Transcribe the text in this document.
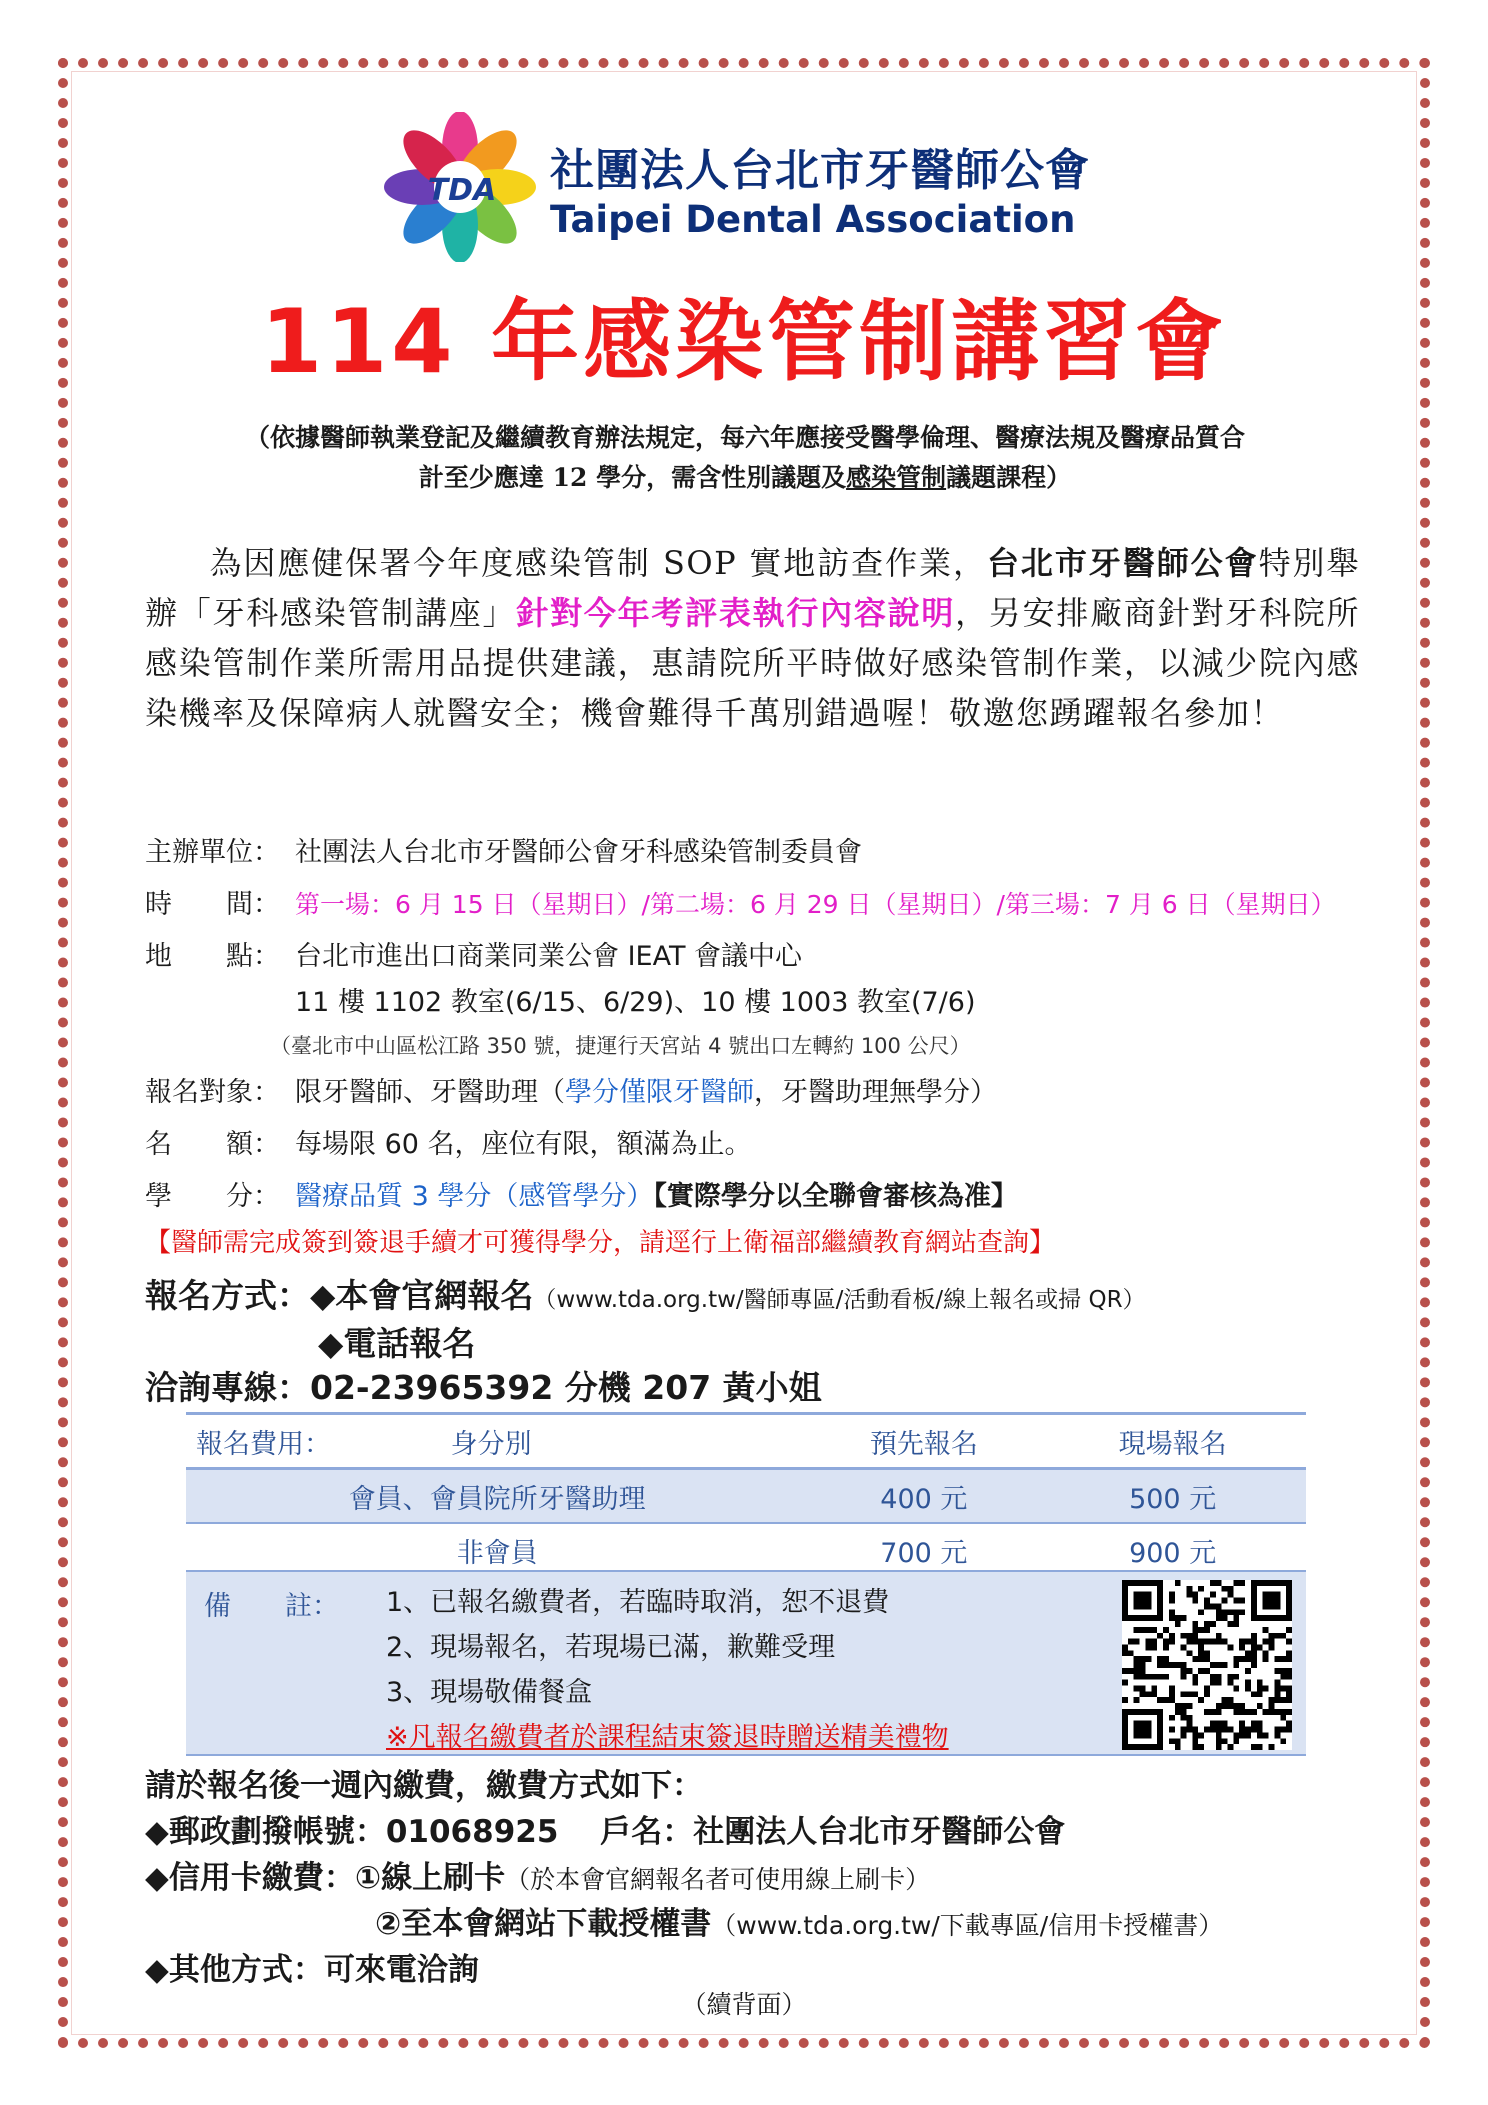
TDA 社團法人台北市牙醫師公會
Taipei Dental Association
114 年感染管制講習會
（依據醫師執業登記及繼續教育辦法規定，每六年應接受醫學倫理、醫療法規及醫療品質合
計至少應達 12 學分，需含性別議題及感染管制議題課程）
為因應健保署今年度感染管制 SOP 實地訪查作業，台北市牙醫師公會特別舉辦「牙科感染管制講座」針對今年考評表執行內容說明，另安排廠商針對牙科院所感染管制作業所需用品提供建議，惠請院所平時做好感染管制作業，以減少院內感染機率及保障病人就醫安全；機會難得千萬別錯過喔！敬邀您踴躍報名參加！
主辦單位： 社團法人台北市牙醫師公會牙科感染管制委員會
時　　間： 第一場：6 月 15 日（星期日）/第二場：6 月 29 日（星期日）/第三場：7 月 6 日（星期日）
地　　點： 台北市進出口商業同業公會 IEAT 會議中心
11 樓 1102 教室(6/15、6/29)、10 樓 1003 教室(7/6)
（臺北市中山區松江路 350 號，捷運行天宮站 4 號出口左轉約 100 公尺）
報名對象： 限牙醫師、牙醫助理（學分僅限牙醫師，牙醫助理無學分）
名　　額： 每場限 60 名，座位有限，額滿為止。
學　　分： 醫療品質 3 學分（感管學分）【實際學分以全聯會審核為准】
【醫師需完成簽到簽退手續才可獲得學分，請逕行上衛福部繼續教育網站查詢】
報名方式：◆本會官網報名（www.tda.org.tw/醫師專區/活動看板/線上報名或掃 QR）
◆電話報名
洽詢專線：02-23965392 分機 207 黃小姐
報名費用：	身分別		預先報名	現場報名
會員、會員院所牙醫助理			400 元	500 元
非會員			700 元	900 元
備　　註： 1、已報名繳費者，若臨時取消，恕不退費
2、現場報名，若現場已滿，歉難受理
3、現場敬備餐盒
※凡報名繳費者於課程結束簽退時贈送精美禮物
請於報名後一週內繳費，繳費方式如下：
◆郵政劃撥帳號：01068925　 戶名：社團法人台北市牙醫師公會
◆信用卡繳費：①線上刷卡（於本會官網報名者可使用線上刷卡）
②至本會網站下載授權書（www.tda.org.tw/下載專區/信用卡授權書）
◆其他方式：可來電洽詢
（續背面）
